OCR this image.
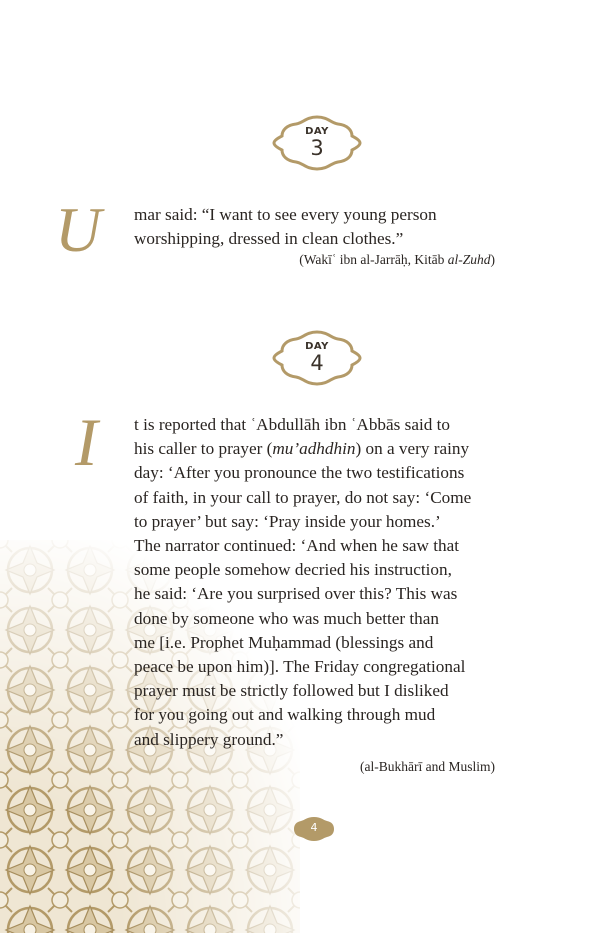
DAY
3
U mar said: “I want to see every young person
worshipping, dressed in clean clothes.”
(Wakīʿ ibn al-Jarrāḥ, Kitāb al-Zuhd)
DAY
4
I t is reported that ʿAbdullāh ibn ʿAbbās said to
his caller to prayer (mu’adhdhin) on a very rainy
day: ‘After you pronounce the two testifications
of faith, in your call to prayer, do not say: ‘Come
to prayer’ but say: ‘Pray inside your homes.’
The narrator continued: ‘And when he saw that
some people somehow decried his instruction,
he said: ‘Are you surprised over this? This was
done by someone who was much better than
me [i.e. Prophet Muḥammad (blessings and
peace be upon him)]. The Friday congregational
prayer must be strictly followed but I disliked
for you going out and walking through mud
and slippery ground.”
(al-Bukhārī and Muslim)
4
